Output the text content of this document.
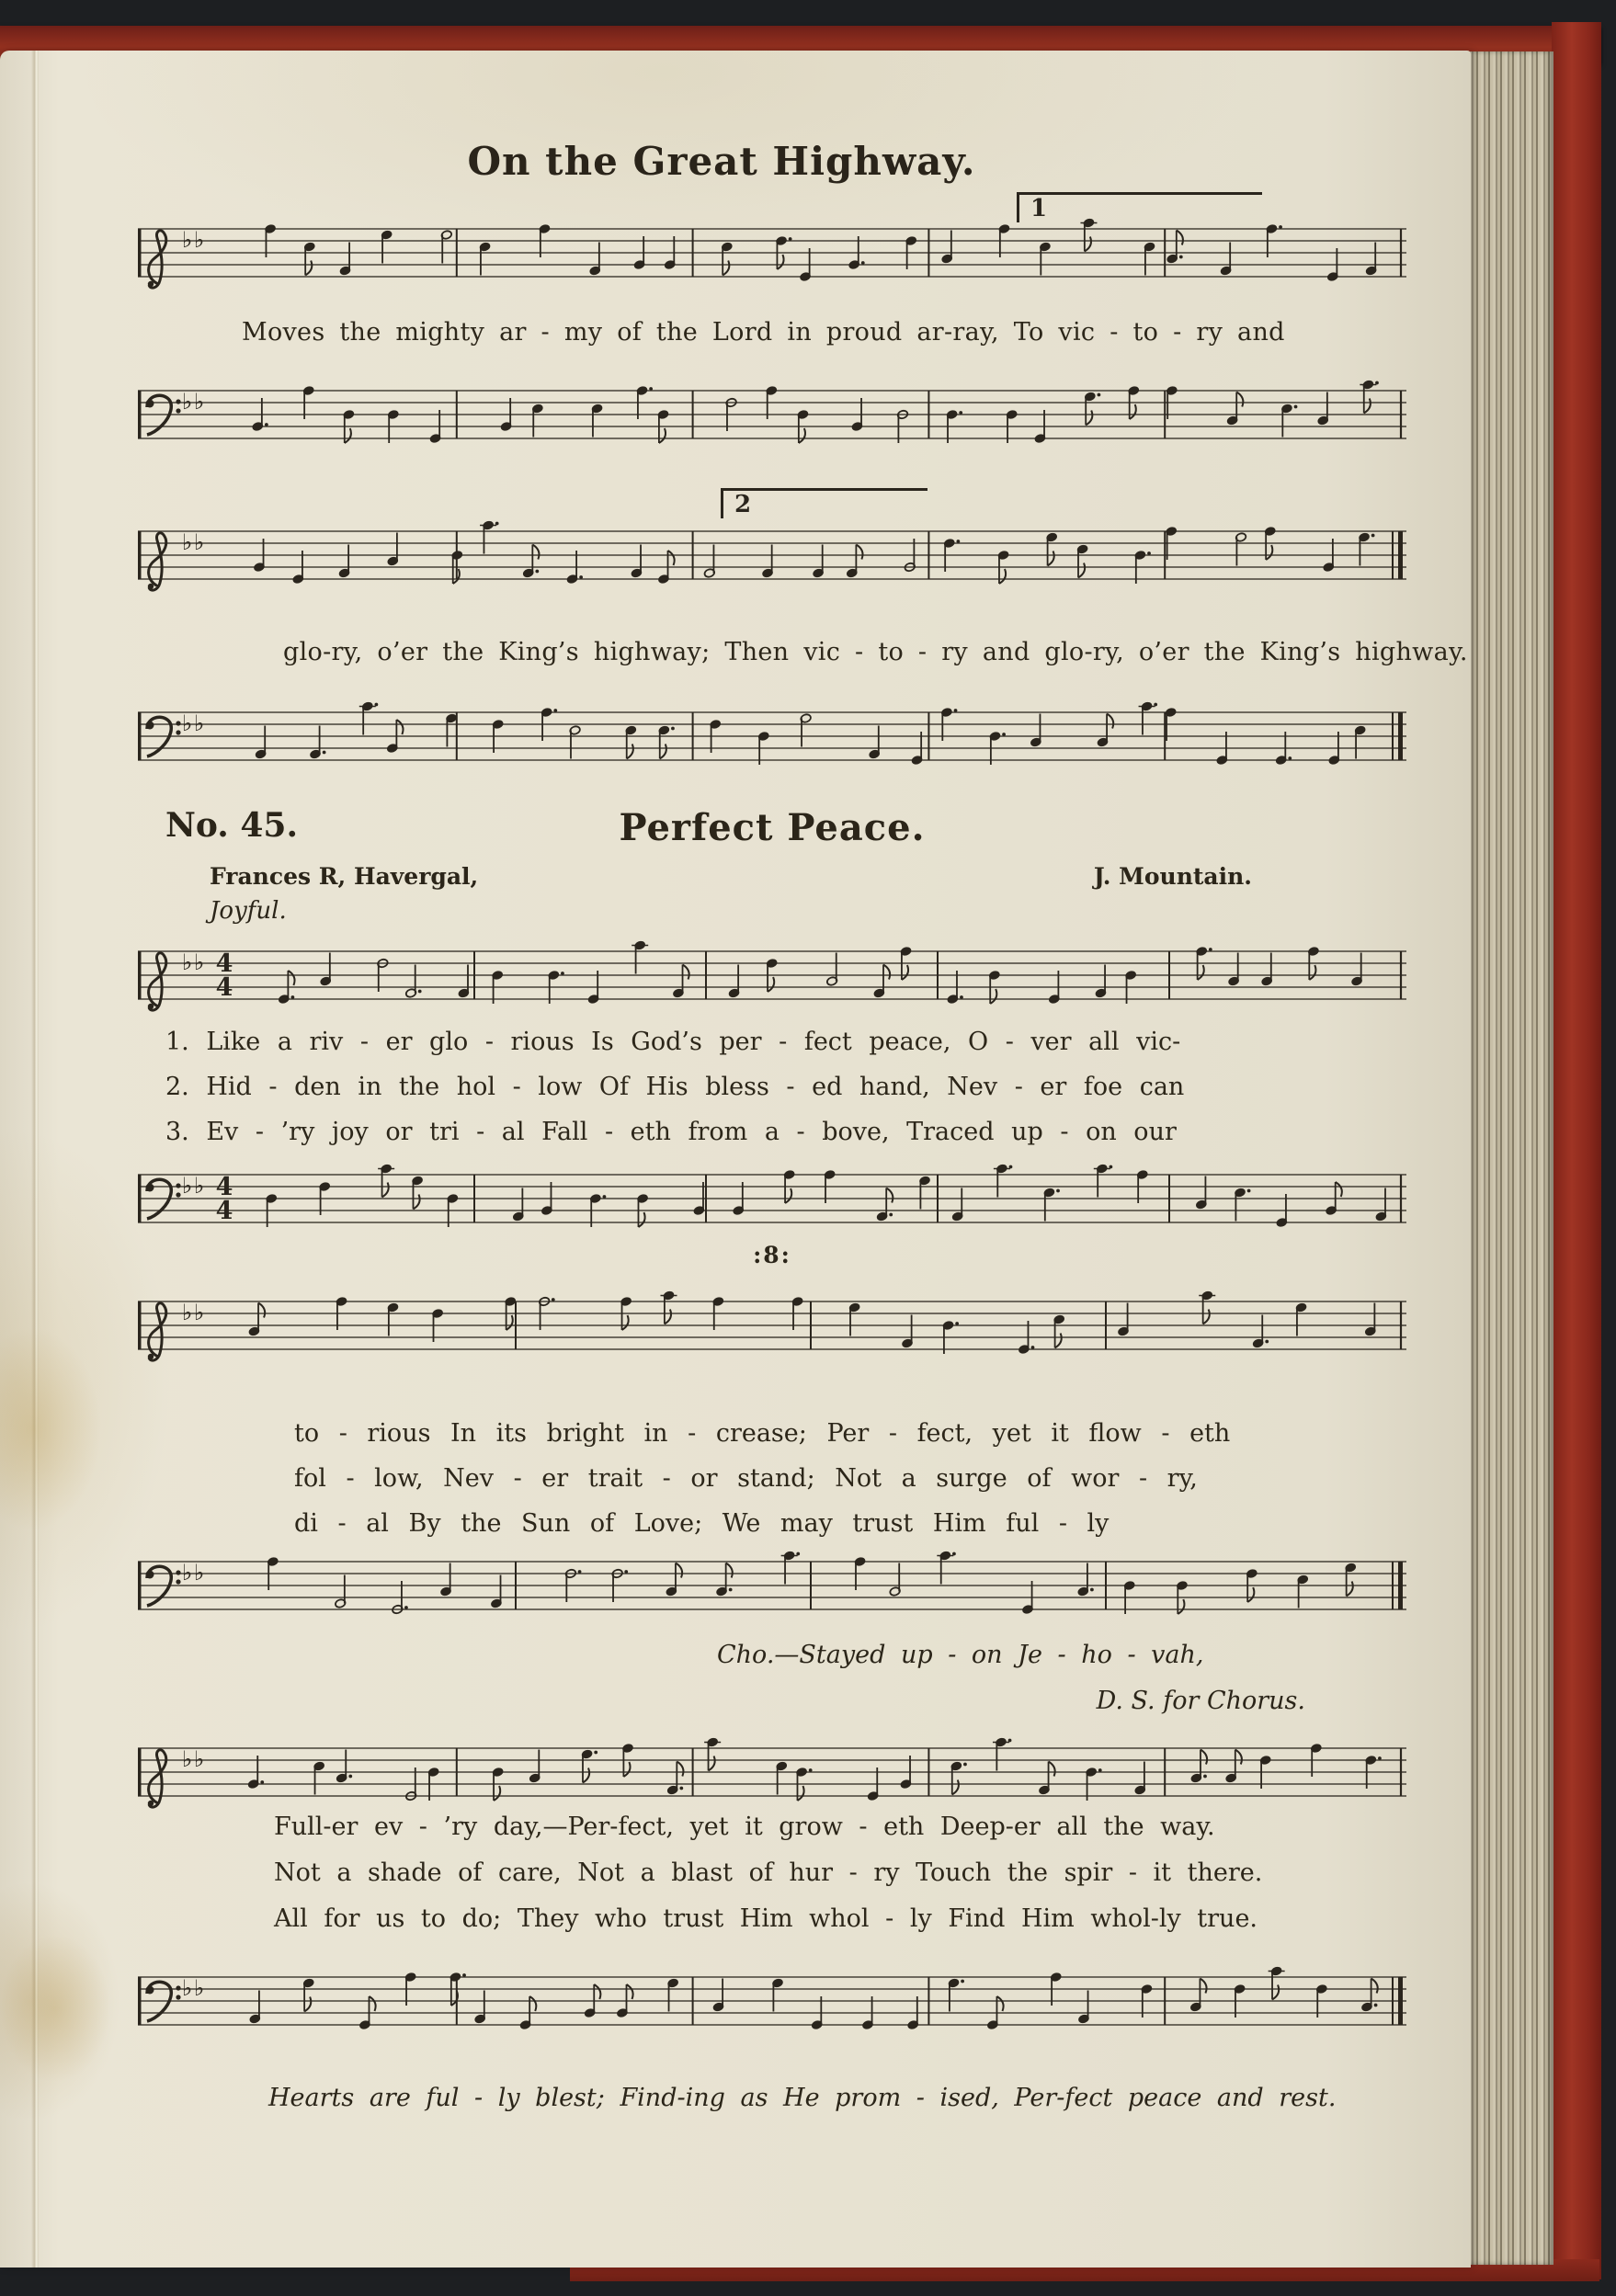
On the Great Highway.
1
♭ ♭
Moves the mighty ar - my of the Lord in proud ar-ray, To vic - to - ry and
♭ ♭
2
♭ ♭
glo-ry, o’er the King’s highway; Then vic - to - ry and glo-ry, o’er the King’s highway.
♭ ♭
No. 45.	Perfect Peace.
Frances R, Havergal,	J. Mountain.
Joyful.
♭ ♭ 4
4
1. Like a riv - er glo - rious Is God’s per - fect peace, O - ver all vic-
2. Hid - den in the hol - low Of His bless - ed hand, Nev - er foe can
3. Ev - ’ry joy or tri - al Fall - eth from a - bove, Traced up - on our
♭ ♭ 4
4
:8:
♭ ♭
to - rious In its bright in - crease; Per - fect, yet it flow - eth
fol - low, Nev - er trait - or stand; Not a surge of wor - ry,
di - al By the Sun of Love; We may trust Him ful - ly
♭ ♭
Cho.—Stayed up - on Je - ho - vah,
D. S. for Chorus.
♭ ♭
Full-er ev - ’ry day,—Per-fect, yet it grow - eth Deep-er all the way.
Not a shade of care, Not a blast of hur - ry Touch the spir - it there.
All for us to do; They who trust Him whol - ly Find Him whol-ly true.
♭ ♭
Hearts are ful - ly blest; Find-ing as He prom - ised, Per-fect peace and rest.
